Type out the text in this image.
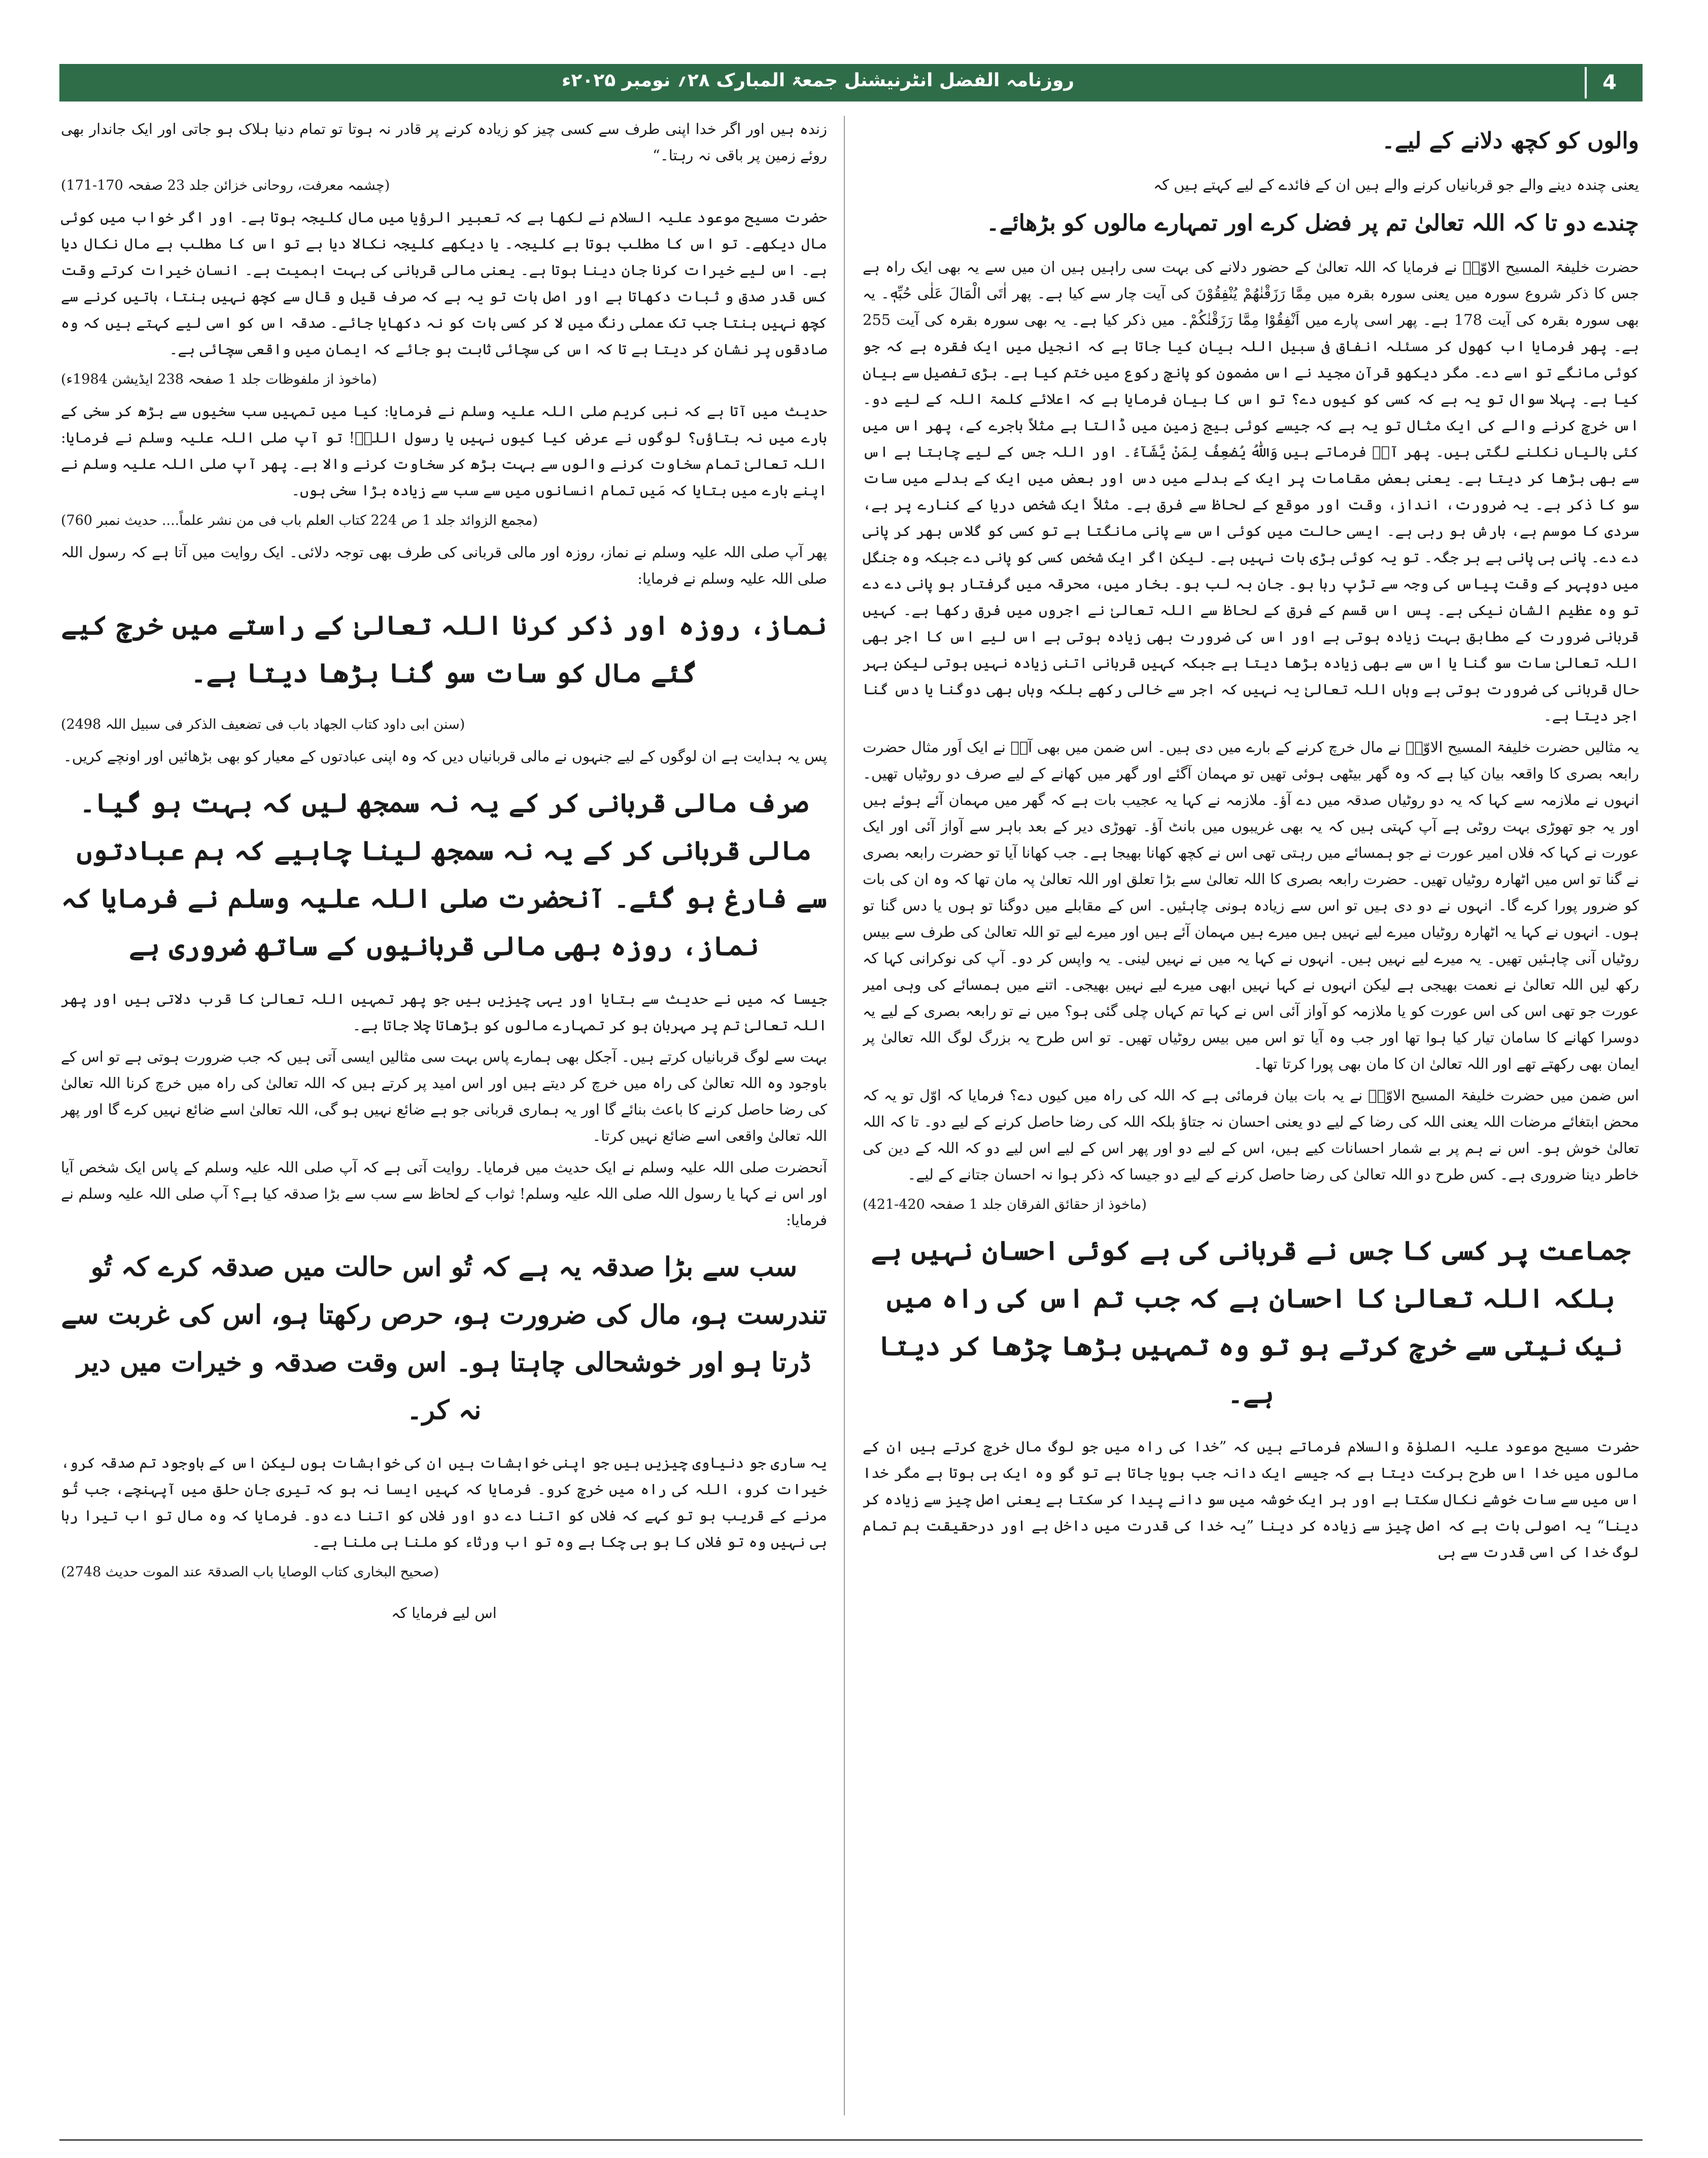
روزنامہ الفضل انٹرنیشنل جمعۃ المبارک ۲۸؍ نومبر ۲۰۲۵ء	4
والوں کو کچھ دلانے کے لیے۔

یعنی چندہ دینے والے جو قربانیاں کرنے والے ہیں ان کے فائدے کے لیے کہتے ہیں کہ

چندے دو تا کہ اللہ تعالیٰ تم پر فضل کرے اور تمہارے مالوں کو بڑھائے۔

حضرت خلیفۃ المسیح الاوّلؓ نے فرمایا کہ اللہ تعالیٰ کے حضور دلانے کی بہت سی راہیں ہیں ان میں سے یہ بھی ایک راہ ہے جس کا ذکر شروع سورہ میں یعنی سورہ بقرہ میں مِمَّا رَزَقْنٰهُمْ يُنْفِقُوْنَ کی آیت چار سے کیا ہے۔ پھر اٰتَى الْمَالَ عَلٰى حُبِّهٖ۔ یہ بھی سورہ بقرہ کی آیت 178 ہے۔ پھر اسی پارے میں اَنْفِقُوْا مِمَّا رَزَقْنٰكُمْ۔ میں ذکر کیا ہے۔ یہ بھی سورہ بقرہ کی آیت 255 ہے۔ پھر فرمایا اب کھول کر مسئلہ انفاق فی سبیل اللہ بیان کیا جاتا ہے کہ انجیل میں ایک فقرہ ہے کہ جو کوئی مانگے تو اسے دے۔ مگر دیکھو قرآن مجید نے اس مضمون کو پانچ رکوع میں ختم کیا ہے۔ بڑی تفصیل سے بیان کیا ہے۔ پہلا سوال تو یہ ہے کہ کسی کو کیوں دے؟ تو اس کا بیان فرمایا ہے کہ اعلائے کلمۃ اللہ کے لیے دو۔ اس خرچ کرنے والے کی ایک مثال تو یہ ہے کہ جیسے کوئی بیج زمین میں ڈالتا ہے مثلاً باجرے کے، پھر اس میں کئی بالیاں نکلنے لگتی ہیں۔ پھر آپؓ فرماتے ہیں وَاللّٰهُ يُضٰعِفُ لِمَنْ يَّشَآءُ۔ اور اللہ جس کے لیے چاہتا ہے اس سے بھی بڑھا کر دیتا ہے۔ یعنی بعض مقامات پر ایک کے بدلے میں دس اور بعض میں ایک کے بدلے میں سات سو کا ذکر ہے۔ یہ ضرورت، انداز، وقت اور موقع کے لحاظ سے فرق ہے۔ مثلاً ایک شخص دریا کے کنارے پر ہے، سردی کا موسم ہے، بارش ہو رہی ہے۔ ایسی حالت میں کوئی اس سے پانی مانگتا ہے تو کسی کو گلاس بھر کر پانی دے دے۔ پانی ہی پانی ہے ہر جگہ۔ تو یہ کوئی بڑی بات نہیں ہے۔ لیکن اگر ایک شخص کسی کو پانی دے جبکہ وہ جنگل میں دوپہر کے وقت پیاس کی وجہ سے تڑپ رہا ہو۔ جان بہ لب ہو۔ بخار میں، محرقہ میں گرفتار ہو پانی دے دے تو وہ عظیم الشان نیکی ہے۔ پس اس قسم کے فرق کے لحاظ سے اللہ تعالیٰ نے اجروں میں فرق رکھا ہے۔ کہیں قربانی ضرورت کے مطابق بہت زیادہ ہوتی ہے اور اس کی ضرورت بھی زیادہ ہوتی ہے اس لیے اس کا اجر بھی اللہ تعالیٰ سات سو گنا یا اس سے بھی زیادہ بڑھا دیتا ہے جبکہ کہیں قربانی اتنی زیادہ نہیں ہوتی لیکن بہر حال قربانی کی ضرورت ہوتی ہے وہاں اللہ تعالیٰ یہ نہیں کہ اجر سے خالی رکھے بلکہ وہاں بھی دوگنا یا دس گنا اجر دیتا ہے۔

یہ مثالیں حضرت خلیفۃ المسیح الاوّلؓ نے مال خرچ کرنے کے بارے میں دی ہیں۔ اس ضمن میں بھی آپؓ نے ایک اَور مثال حضرت رابعہ بصری کا واقعہ بیان کیا ہے کہ وہ گھر بیٹھی ہوئی تھیں تو مہمان آگئے اور گھر میں کھانے کے لیے صرف دو روٹیاں تھیں۔ انہوں نے ملازمہ سے کہا کہ یہ دو روٹیاں صدقہ میں دے آؤ۔ ملازمہ نے کہا یہ عجیب بات ہے کہ گھر میں مہمان آئے ہوئے ہیں اور یہ جو تھوڑی بہت روٹی ہے آپ کہتی ہیں کہ یہ بھی غریبوں میں بانٹ آؤ۔ تھوڑی دیر کے بعد باہر سے آواز آئی اور ایک عورت نے کہا کہ فلاں امیر عورت نے جو ہمسائے میں رہتی تھی اس نے کچھ کھانا بھیجا ہے۔ جب کھانا آیا تو حضرت رابعہ بصری نے گنا تو اس میں اٹھارہ روٹیاں تھیں۔ حضرت رابعہ بصری کا اللہ تعالیٰ سے بڑا تعلق اور اللہ تعالیٰ پہ مان تھا کہ وہ ان کی بات کو ضرور پورا کرے گا۔ انہوں نے دو دی ہیں تو اس سے زیادہ ہونی چاہئیں۔ اس کے مقابلے میں دوگنا تو ہوں یا دس گنا تو ہوں۔ انہوں نے کہا یہ اٹھارہ روٹیاں میرے لیے نہیں ہیں میرے ہیں مہمان آئے ہیں اور میرے لیے تو اللہ تعالیٰ کی طرف سے بیس روٹیاں آنی چاہئیں تھیں۔ یہ میرے لیے نہیں ہیں۔ انہوں نے کہا یہ میں نے نہیں لینی۔ یہ واپس کر دو۔ آپ کی نوکرانی کہا کہ رکھ لیں اللہ تعالیٰ نے نعمت بھیجی ہے لیکن انہوں نے کہا نہیں ابھی میرے لیے نہیں بھیجی۔ اتنے میں ہمسائے کی وہی امیر عورت جو تھی اس کی اس عورت کو یا ملازمہ کو آواز آئی اس نے کہا تم کہاں چلی گئی ہو؟ میں نے تو رابعہ بصری کے لیے یہ دوسرا کھانے کا سامان تیار کیا ہوا تھا اور جب وہ آیا تو اس میں بیس روٹیاں تھیں۔ تو اس طرح یہ بزرگ لوگ اللہ تعالیٰ پر ایمان بھی رکھتے تھے اور اللہ تعالیٰ ان کا مان بھی پورا کرتا تھا۔

اس ضمن میں حضرت خلیفۃ المسیح الاوّلؓ نے یہ بات بیان فرمائی ہے کہ اللہ کی راہ میں کیوں دے؟ فرمایا کہ اوّل تو یہ کہ محض ابتغائے مرضات اللہ یعنی اللہ کی رضا کے لیے دو یعنی احسان نہ جتاؤ بلکہ اللہ کی رضا حاصل کرنے کے لیے دو۔ تا کہ اللہ تعالیٰ خوش ہو۔ اس نے ہم پر بے شمار احسانات کیے ہیں، اس کے لیے دو اور پھر اس کے لیے اس لیے دو کہ اللہ کے دین کی خاطر دینا ضروری ہے۔ کس طرح دو اللہ تعالیٰ کی رضا حاصل کرنے کے لیے دو جیسا کہ ذکر ہوا نہ احسان جتانے کے لیے۔

(ماخوذ از حقائق الفرقان جلد 1 صفحہ 420-421)
جماعت پر کسی کا جس نے قربانی کی ہے کوئی احسان نہیں ہے بلکہ اللہ تعالیٰ کا احسان ہے کہ جب تم اس کی راہ میں نیک نیتی سے خرچ کرتے ہو تو وہ تمہیں بڑھا چڑھا کر دیتا ہے۔

حضرت مسیح موعود علیہ الصلوٰۃ والسلام فرماتے ہیں کہ ”خدا کی راہ میں جو لوگ مال خرچ کرتے ہیں ان کے مالوں میں خدا اس طرح برکت دیتا ہے کہ جیسے ایک دانہ جب بویا جاتا ہے تو گو وہ ایک ہی ہوتا ہے مگر خدا اس میں سے سات خوشے نکال سکتا ہے اور ہر ایک خوشہ میں سو دانے پیدا کر سکتا ہے یعنی اصل چیز سے زیادہ کر دینا“ یہ اصولی بات ہے کہ اصل چیز سے زیادہ کر دینا ”یہ خدا کی قدرت میں داخل ہے اور درحقیقت ہم تمام لوگ خدا کی اسی قدرت سے ہی

زندہ ہیں اور اگر خدا اپنی طرف سے کسی چیز کو زیادہ کرنے پر قادر نہ ہوتا تو تمام دنیا ہلاک ہو جاتی اور ایک جاندار بھی روئے زمین پر باقی نہ رہتا۔“

(چشمہ معرفت، روحانی خزائن جلد 23 صفحہ 170-171)

حضرت مسیح موعود علیہ السلام نے لکھا ہے کہ تعبیر الرؤیا میں مال کلیجہ ہوتا ہے۔ اور اگر خواب میں کوئی مال دیکھے۔ تو اس کا مطلب ہوتا ہے کلیجہ۔ یا دیکھے کلیجہ نکالا دیا ہے تو اس کا مطلب ہے مال نکال دیا ہے۔ اس لیے خیرات کرنا جان دینا ہوتا ہے۔ یعنی مالی قربانی کی بہت اہمیت ہے۔ انسان خیرات کرتے وقت کس قدر صدق و ثبات دکھاتا ہے اور اصل بات تو یہ ہے کہ صرف قیل و قال سے کچھ نہیں بنتا، باتیں کرنے سے کچھ نہیں بنتا جب تک عملی رنگ میں لا کر کسی بات کو نہ دکھایا جائے۔ صدقہ اس کو اسی لیے کہتے ہیں کہ وہ صادقوں پر نشان کر دیتا ہے تا کہ اس کی سچائی ثابت ہو جائے کہ ایمان میں واقعی سچائی ہے۔

(ماخوذ از ملفوظات جلد 1 صفحہ 238 ایڈیشن 1984ء)

حدیث میں آتا ہے کہ نبی کریم صلی اللہ علیہ وسلم نے فرمایا: کیا میں تمہیں سب سخیوں سے بڑھ کر سخی کے بارے میں نہ بتاؤں؟ لوگوں نے عرض کیا کیوں نہیں یا رسول اللہؐ! تو آپ صلی اللہ علیہ وسلم نے فرمایا: اللہ تعالیٰ تمام سخاوت کرنے والوں سے بہت بڑھ کر سخاوت کرنے والا ہے۔ پھر آپ صلی اللہ علیہ وسلم نے اپنے بارے میں بتایا کہ مَیں تمام انسانوں میں سے سب سے زیادہ بڑا سخی ہوں۔

(مجمع الزوائد جلد 1 ص 224 کتاب العلم باب فی من نشر علماً.... حدیث نمبر 760)

پھر آپ صلی اللہ علیہ وسلم نے نماز، روزہ اور مالی قربانی کی طرف بھی توجہ دلائی۔ ایک روایت میں آتا ہے کہ رسول اللہ صلی اللہ علیہ وسلم نے فرمایا:

نماز، روزہ اور ذکر کرنا اللہ تعالیٰ کے راستے میں خرچ کیے گئے مال کو سات سو گنا بڑھا دیتا ہے۔
(سنن ابی داود کتاب الجھاد باب فی تضعیف الذکر فی سبیل اللہ 2498)

پس یہ ہدایت ہے ان لوگوں کے لیے جنہوں نے مالی قربانیاں دیں کہ وہ اپنی عبادتوں کے معیار کو بھی بڑھائیں اور اونچے کریں۔

صرف مالی قربانی کر کے یہ نہ سمجھ لیں کہ بہت ہو گیا۔ مالی قربانی کر کے یہ نہ سمجھ لینا چاہیے کہ ہم عبادتوں سے فارغ ہو گئے۔ آنحضرت صلی اللہ علیہ وسلم نے فرمایا کہ نماز، روزہ بھی مالی قربانیوں کے ساتھ ضروری ہے

جیسا کہ میں نے حدیث سے بتایا اور یہی چیزیں ہیں جو پھر تمہیں اللہ تعالیٰ کا قرب دلاتی ہیں اور پھر اللہ تعالیٰ تم پر مہربان ہو کر تمہارے مالوں کو بڑھاتا چلا جاتا ہے۔

بہت سے لوگ قربانیاں کرتے ہیں۔ آجکل بھی ہمارے پاس بہت سی مثالیں ایسی آتی ہیں کہ جب ضرورت ہوتی ہے تو اس کے باوجود وہ اللہ تعالیٰ کی راہ میں خرچ کر دیتے ہیں اور اس امید پر کرتے ہیں کہ اللہ تعالیٰ کی راہ میں خرچ کرنا اللہ تعالیٰ کی رضا حاصل کرنے کا باعث بنائے گا اور یہ ہماری قربانی جو ہے ضائع نہیں ہو گی، اللہ تعالیٰ اسے ضائع نہیں کرے گا اور پھر اللہ تعالیٰ واقعی اسے ضائع نہیں کرتا۔

آنحضرت صلی اللہ علیہ وسلم نے ایک حدیث میں فرمایا۔ روایت آتی ہے کہ آپ صلی اللہ علیہ وسلم کے پاس ایک شخص آیا اور اس نے کہا یا رسول اللہ صلی اللہ علیہ وسلم! ثواب کے لحاظ سے سب سے بڑا صدقہ کیا ہے؟ آپ صلی اللہ علیہ وسلم نے فرمایا:

سب سے بڑا صدقہ یہ ہے کہ تُو اس حالت میں صدقہ کرے کہ تُو تندرست ہو، مال کی ضرورت ہو، حرص رکھتا ہو، اس کی غربت سے ڈرتا ہو اور خوشحالی چاہتا ہو۔ اس وقت صدقہ و خیرات میں دیر نہ کر۔

یہ ساری جو دنیاوی چیزیں ہیں جو اپنی خواہشات ہیں ان کی خواہشات ہوں لیکن اس کے باوجود تم صدقہ کرو، خیرات کرو، اللہ کی راہ میں خرچ کرو۔ فرمایا کہ کہیں ایسا نہ ہو کہ تیری جان حلق میں آپہنچے، جب تُو مرنے کے قریب ہو تو کہے کہ فلاں کو اتنا دے دو اور فلاں کو اتنا دے دو۔ فرمایا کہ وہ مال تو اب تیرا رہا ہی نہیں وہ تو فلاں کا ہو ہی چکا ہے وہ تو اب ورثاء کو ملنا ہی ملنا ہے۔

(صحیح البخاری کتاب الوصایا باب الصدقۃ عند الموت حدیث 2748)
اس لیے فرمایا کہ
